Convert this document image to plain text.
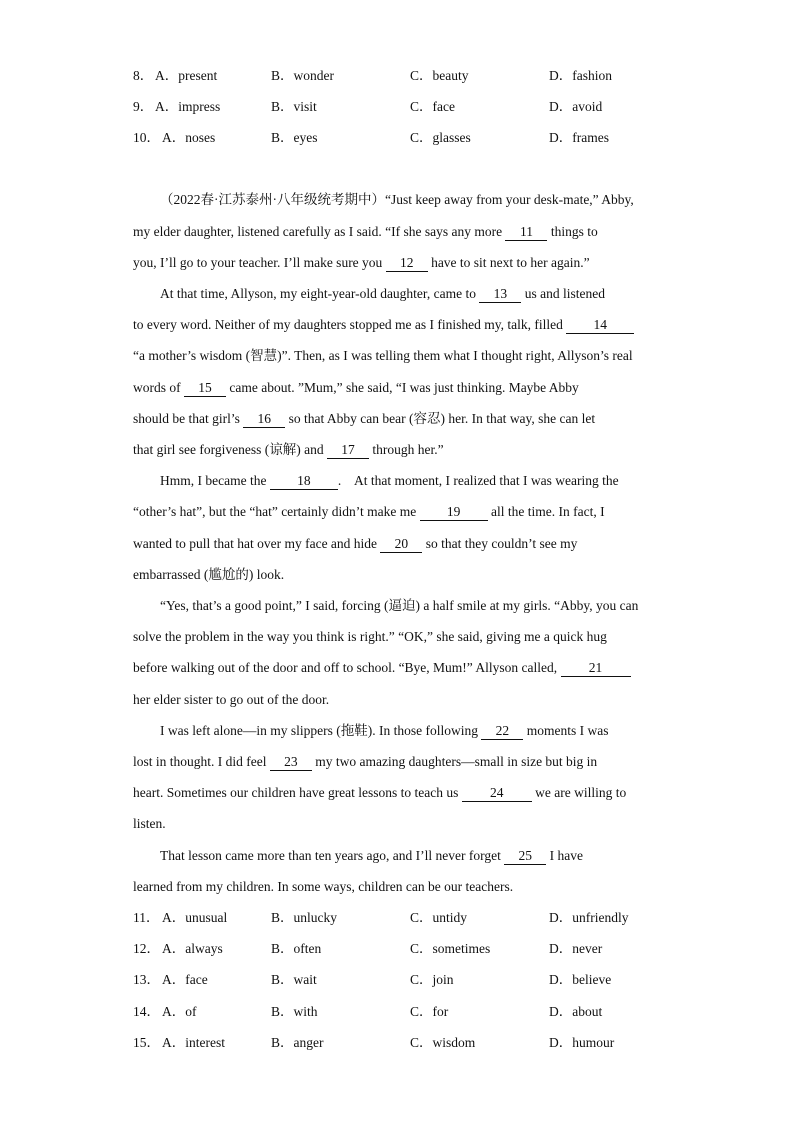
8． A．present	B．wonder	C．beauty	D．fashion
9． A．impress	B．visit	C．face	D．avoid
10． A．noses	B．eyes	C．glasses	D．frames
（2022春·江苏泰州·八年级统考期中）“Just keep away from your desk-mate,” Abby,
my elder daughter, listened carefully as I said. “If she says any more 11 things to
you, I’ll go to your teacher. I’ll make sure you 12 have to sit next to her again.”
At that time, Allyson, my eight-year-old daughter, came to 13 us and listened
to every word. Neither of my daughters stopped me as I finished my, talk, filled 14
“a mother’s wisdom (智慧)”. Then, as I was telling them what I thought right, Allyson’s real
words of 15 came about. ”Mum,” she said, “I was just thinking. Maybe Abby
should be that girl’s 16 so that Abby can bear (容忍) her. In that way, she can let
that girl see forgiveness (谅解) and 17 through her.”
Hmm, I became the 18 .    At that moment, I realized that I was wearing the
“other’s hat”, but the “hat” certainly didn’t make me 19 all the time. In fact, I
wanted to pull that hat over my face and hide 20 so that they couldn’t see my
embarrassed (尴尬的) look.
“Yes, that’s a good point,” I said, forcing (逼迫) a half smile at my girls. “Abby, you can
solve the problem in the way you think is right.” “OK,” she said, giving me a quick hug
before walking out of the door and off to school. “Bye, Mum!” Allyson called, 21
her elder sister to go out of the door.
I was left alone—in my slippers (拖鞋). In those following 22 moments I was
lost in thought. I did feel 23 my two amazing daughters—small in size but big in
heart. Sometimes our children have great lessons to teach us 24 we are willing to
listen.
That lesson came more than ten years ago, and I’ll never forget 25 I have
learned from my children. In some ways, children can be our teachers.
11． A．unusual	B．unlucky	C．untidy	D．unfriendly
12． A．always	B．often	C．sometimes	D．never
13． A．face	B．wait	C．join	D．believe
14． A．of	B．with	C．for	D．about
15． A．interest	B．anger	C．wisdom	D．humour
